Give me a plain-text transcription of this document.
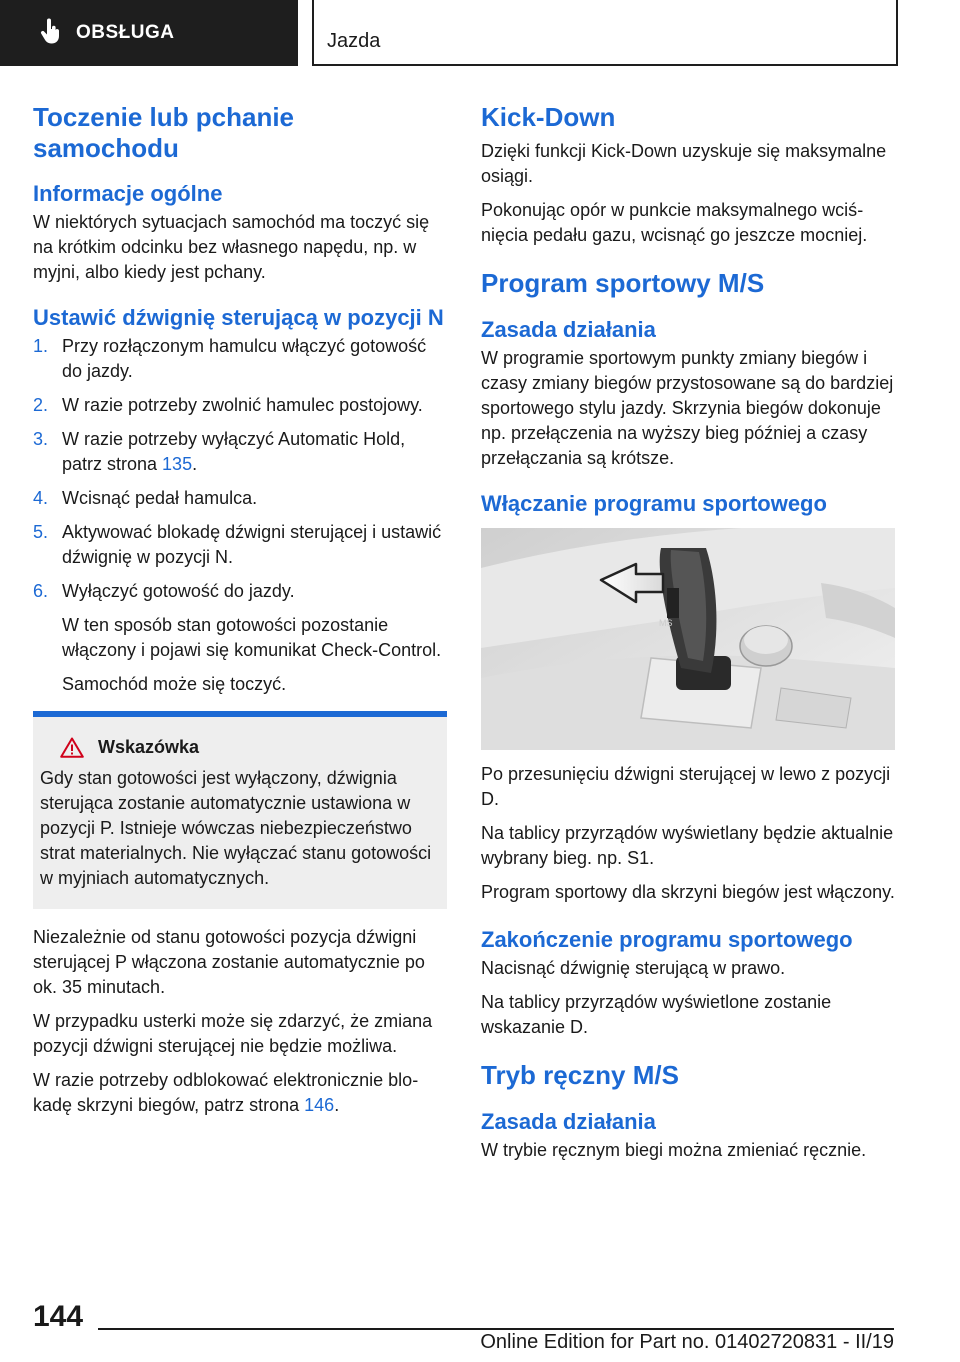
OBSŁUGA	Jazda
Toczenie lub pchanie samochodu
Informacje ogólne

W niektórych sytuacjach samochód ma toczyć się na krótkim odcinku bez własnego napędu, np. w myjni, albo kiedy jest pchany.

Ustawić dźwignię sterującą w pozycji N
1. Przy rozłączonym hamulcu włączyć gotowość do jazdy.
2. W razie potrzeby zwolnić hamulec postojowy.
3. W razie potrzeby wyłączyć Automatic Hold, patrz strona 135.
4. Wcisnąć pedał hamulca.
5. Aktywować blokadę dźwigni sterującej i ustawić dźwignię w pozycji N.
6. Wyłączyć gotowość do jazdy.
W ten sposób stan gotowości pozostanie włączony i pojawi się komunikat Check-Control.
Samochód może się toczyć.
Wskazówka

Gdy stan gotowości jest wyłączony, dźwignia sterująca zostanie automatycznie ustawiona w pozycji P. Istnieje wówczas niebezpieczeństwo strat materialnych. Nie wyłączać stanu gotowości w myjniach automatycznych.

Niezależnie od stanu gotowości pozycja dźwigni sterującej P włączona zostanie automatycznie po ok. 35 minutach.

W przypadku usterki może się zdarzyć, że zmiana pozycji dźwigni sterującej nie będzie możliwa.

W razie potrzeby odblokować elektronicznie blokadę skrzyni biegów, patrz strona 146.

Kick-Down

Dzięki funkcji Kick-Down uzyskuje się maksymalne osiągi.

Pokonując opór w punkcie maksymalnego wciśnięcia pedału gazu, wcisnąć go jeszcze mocniej.

Program sportowy M/S
Zasada działania

W programie sportowym punkty zmiany biegów i czasy zmiany biegów przystosowane są do bardziej sportowego stylu jazdy. Skrzynia biegów dokonuje np. przełączenia na wyższy bieg później a czasy przełączania są krótsze.

Włączanie programu sportowego
MS

Po przesunięciu dźwigni sterującej w lewo z pozycji D.

Na tablicy przyrządów wyświetlany będzie aktualnie wybrany bieg. np. S1.

Program sportowy dla skrzyni biegów jest włączony.

Zakończenie programu sportowego

Nacisnąć dźwignię sterującą w prawo.

Na tablicy przyrządów wyświetlone zostanie wskazanie D.

Tryb ręczny M/S
Zasada działania

W trybie ręcznym biegi można zmieniać ręcznie.

144
Online Edition for Part no. 01402720831 - II/19
